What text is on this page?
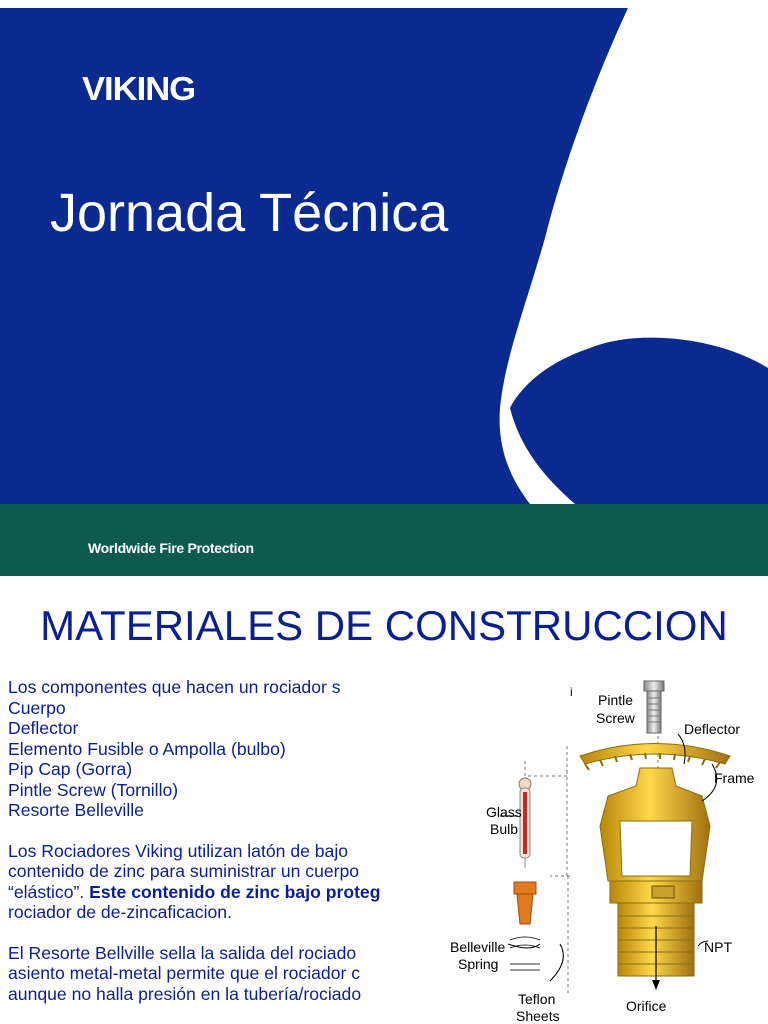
VIKING
Jornada Técnica
Worldwide Fire Protection
MATERIALES DE CONSTRUCCION
Los componentes que hacen un rociador s
Cuerpo
Deflector
Elemento Fusible o Ampolla (bulbo)
Pip Cap (Gorra)
Pintle Screw (Tornillo)
Resorte Belleville
Los Rociadores Viking utilizan latón de bajo
contenido de zinc para suministrar un cuerpo
“elástico”. Este contenido de zinc bajo proteg
rociador de de-zincaficacion.
El Resorte Bellville sella la salida del rociado
asiento metal-metal permite que el rociador c
aunque no halla presión en la tubería/rociado
i Pintle
Screw
Deflector
Frame
Glass
Bulb
Belleville
Spring
NPT
Teflon
Sheets
Orifice
